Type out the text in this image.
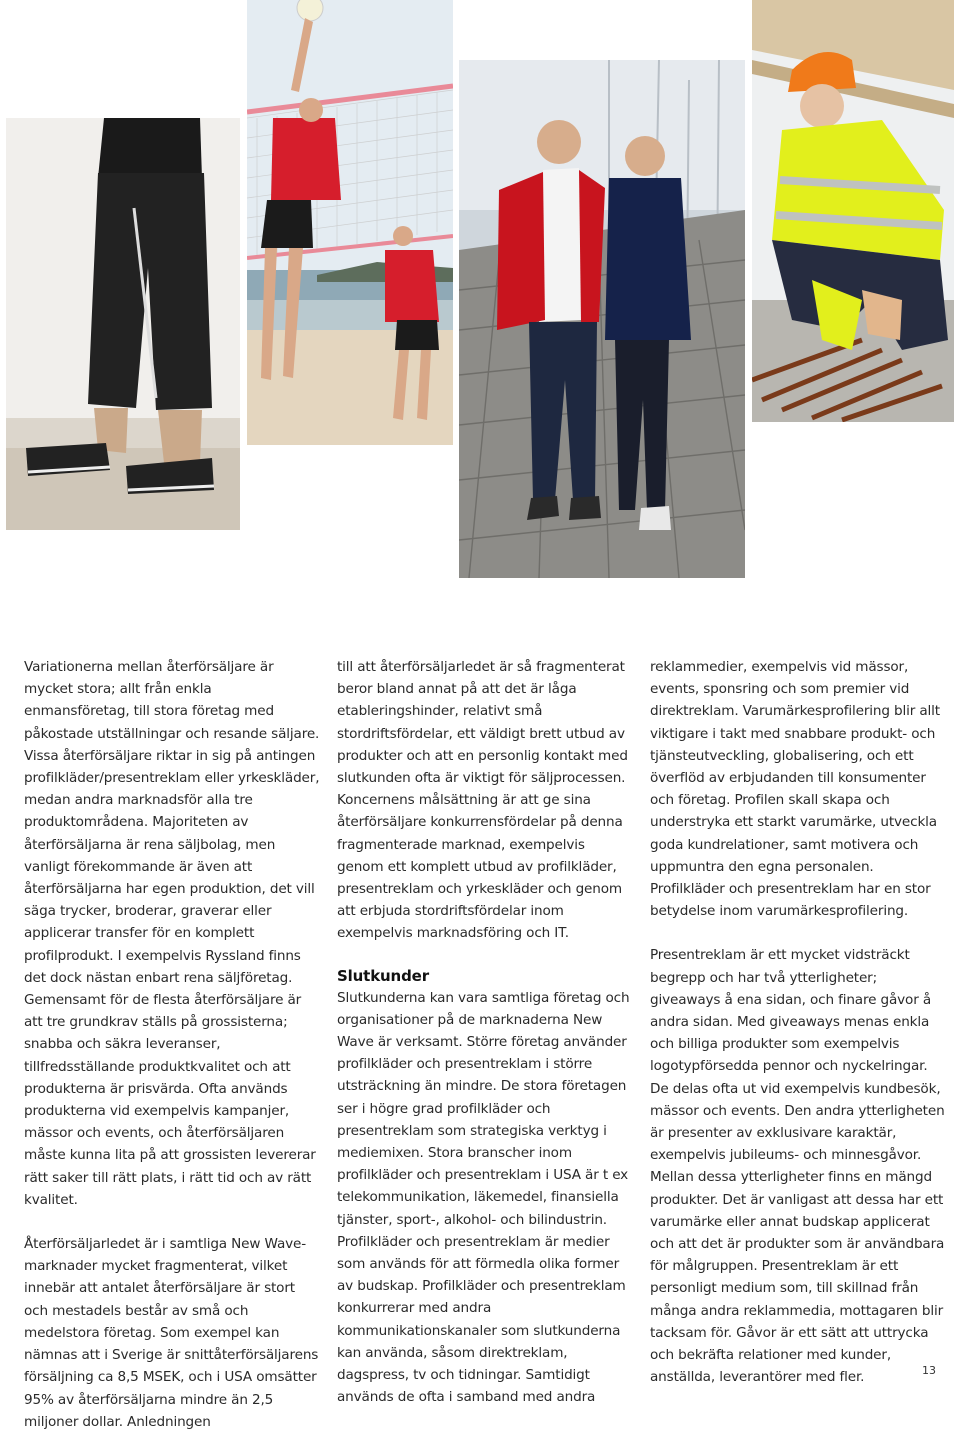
Variationerna mellan återförsäljare är mycket stora; allt från enkla enmansföretag, till stora företag med påkostade utställningar och resande säljare. Vissa återförsäljare riktar in sig på antingen profilkläder/presentreklam eller yrkeskläder, medan andra marknadsför alla tre produktområdena. Majoriteten av återförsäljarna är rena säljbolag, men vanligt förekommande är även att återförsäljarna har egen produktion, det vill säga trycker, broderar, graverar eller applicerar transfer för en komplett profilprodukt. I exempelvis Ryssland finns det dock nästan enbart rena säljföretag. Gemensamt för de flesta återförsäljare är att tre grundkrav ställs på grossisterna; snabba och säkra leveranser, tillfredsställande produktkvalitet och att produkterna är prisvärda. Ofta används produkterna vid exempelvis kampanjer, mässor och events, och återförsäljaren måste kunna lita på att grossisten levererar rätt saker till rätt plats, i rätt tid och av rätt kvalitet.

Återförsäljarledet är i samtliga New Wave-marknader mycket fragmenterat, vilket innebär att antalet återförsäljare är stort och mestadels består av små och medelstora företag. Som exempel kan nämnas att i Sverige är snittåterförsäljarens försäljning ca 8,5 MSEK, och i USA omsätter 95% av återförsäljarna mindre än 2,5 miljoner dollar. Anledningen

till att återförsäljarledet är så fragmenterat beror bland annat på att det är låga etableringshinder, relativt små stordriftsfördelar, ett väldigt brett utbud av produkter och att en personlig kontakt med slutkunden ofta är viktigt för säljprocessen. Koncernens målsättning är att ge sina återförsäljare konkurrensfördelar på denna fragmenterade marknad, exempelvis genom ett komplett utbud av profilkläder, presentreklam och yrkeskläder och genom att erbjuda stordriftsfördelar inom exempelvis marknadsföring och IT.

Slutkunder

Slutkunderna kan vara samtliga företag och organisationer på de marknaderna New Wave är verksamt. Större företag använder profilkläder och presentreklam i större utsträckning än mindre. De stora företagen ser i högre grad profilkläder och presentreklam som strategiska verktyg i mediemixen. Stora branscher inom profilkläder och presentreklam i USA är t ex telekommunikation, läkemedel, finansiella tjänster, sport-, alkohol- och bilindustrin. Profilkläder och presentreklam är medier som används för att förmedla olika former av budskap. Profilkläder och presentreklam konkurrerar med andra kommunikationskanaler som slutkunderna kan använda, såsom direktreklam, dagspress, tv och tidningar. Samtidigt används de ofta i samband med andra

reklammedier, exempelvis vid mässor, events, sponsring och som premier vid direktreklam. Varumärkesprofilering blir allt viktigare i takt med snabbare produkt- och tjänsteutveckling, globalisering, och ett överflöd av erbjudanden till konsumenter och företag. Profilen skall skapa och understryka ett starkt varumärke, utveckla goda kundrelationer, samt motivera och uppmuntra den egna personalen. Profilkläder och presentreklam har en stor betydelse inom varumärkesprofilering.

Presentreklam är ett mycket vidsträckt begrepp och har två ytterligheter; giveaways å ena sidan, och finare gåvor å andra sidan. Med giveaways menas enkla och billiga produkter som exempelvis logotypförsedda pennor och nyckelringar. De delas ofta ut vid exempelvis kundbesök, mässor och events. Den andra ytterligheten är presenter av exklusivare karaktär, exempelvis jubileums- och minnesgåvor. Mellan dessa ytterligheter finns en mängd produkter. Det är vanligast att dessa har ett varumärke eller annat budskap applicerat och att det är produkter som är användbara för målgruppen. Presentreklam är ett personligt medium som, till skillnad från många andra reklammedia, mottagaren blir tacksam för. Gåvor är ett sätt att uttrycka och bekräfta relationer med kunder, anställda, leverantörer med fler.	13
